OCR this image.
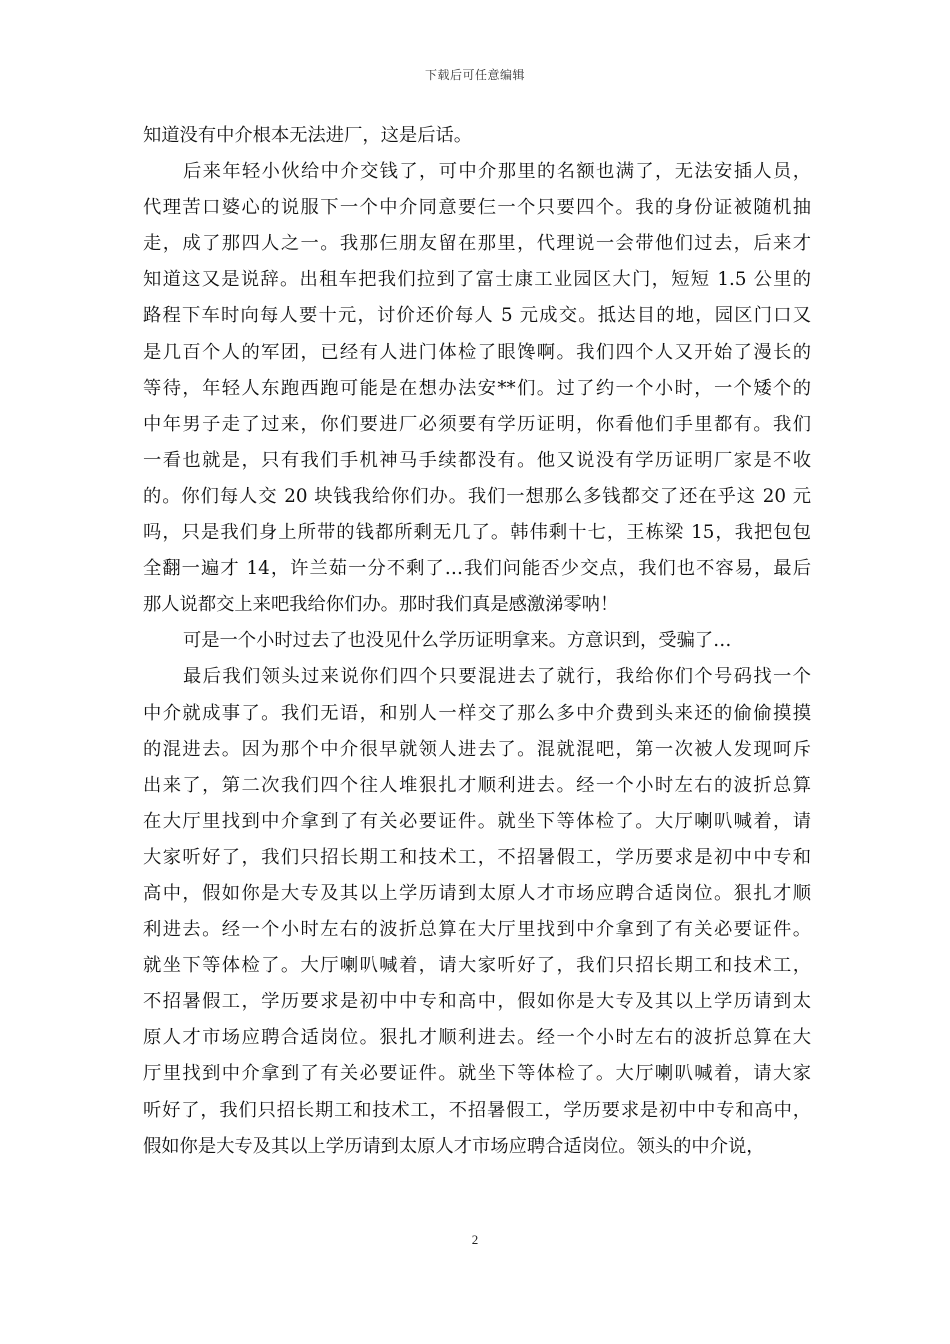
下载后可任意编辑
知道没有中介根本无法进厂，这是后话。
后来年轻小伙给中介交钱了，可中介那里的名额也满了，无法安插人员，
代理苦口婆心的说服下一个中介同意要仨一个只要四个。我的身份证被随机抽
走，成了那四人之一。我那仨朋友留在那里，代理说一会带他们过去，后来才
知道这又是说辞。出租车把我们拉到了富士康工业园区大门，短短 1.5 公里的
路程下车时向每人要十元，讨价还价每人 5 元成交。抵达目的地，园区门口又
是几百个人的军团，已经有人进门体检了眼馋啊。我们四个人又开始了漫长的
等待，年轻人东跑西跑可能是在想办法安**们。过了约一个小时，一个矮个的
中年男子走了过来，你们要进厂必须要有学历证明，你看他们手里都有。我们
一看也就是，只有我们手机神马手续都没有。他又说没有学历证明厂家是不收
的。你们每人交 20 块钱我给你们办。我们一想那么多钱都交了还在乎这 20 元
吗，只是我们身上所带的钱都所剩无几了。韩伟剩十七，王栋梁 15，我把包包
全翻一遍才 14，许兰茹一分不剩了…我们问能否少交点，我们也不容易，最后
那人说都交上来吧我给你们办。那时我们真是感激涕零呐！
可是一个小时过去了也没见什么学历证明拿来。方意识到，受骗了…
最后我们领头过来说你们四个只要混进去了就行，我给你们个号码找一个
中介就成事了。我们无语，和别人一样交了那么多中介费到头来还的偷偷摸摸
的混进去。因为那个中介很早就领人进去了。混就混吧，第一次被人发现呵斥
出来了，第二次我们四个往人堆狠扎才顺利进去。经一个小时左右的波折总算
在大厅里找到中介拿到了有关必要证件。就坐下等体检了。大厅喇叭喊着，请
大家听好了，我们只招长期工和技术工，不招暑假工，学历要求是初中中专和
高中，假如你是大专及其以上学历请到太原人才市场应聘合适岗位。狠扎才顺
利进去。经一个小时左右的波折总算在大厅里找到中介拿到了有关必要证件。
就坐下等体检了。大厅喇叭喊着，请大家听好了，我们只招长期工和技术工，
不招暑假工，学历要求是初中中专和高中，假如你是大专及其以上学历请到太
原人才市场应聘合适岗位。狠扎才顺利进去。经一个小时左右的波折总算在大
厅里找到中介拿到了有关必要证件。就坐下等体检了。大厅喇叭喊着，请大家
听好了，我们只招长期工和技术工，不招暑假工，学历要求是初中中专和高中，
假如你是大专及其以上学历请到太原人才市场应聘合适岗位。领头的中介说，
2
